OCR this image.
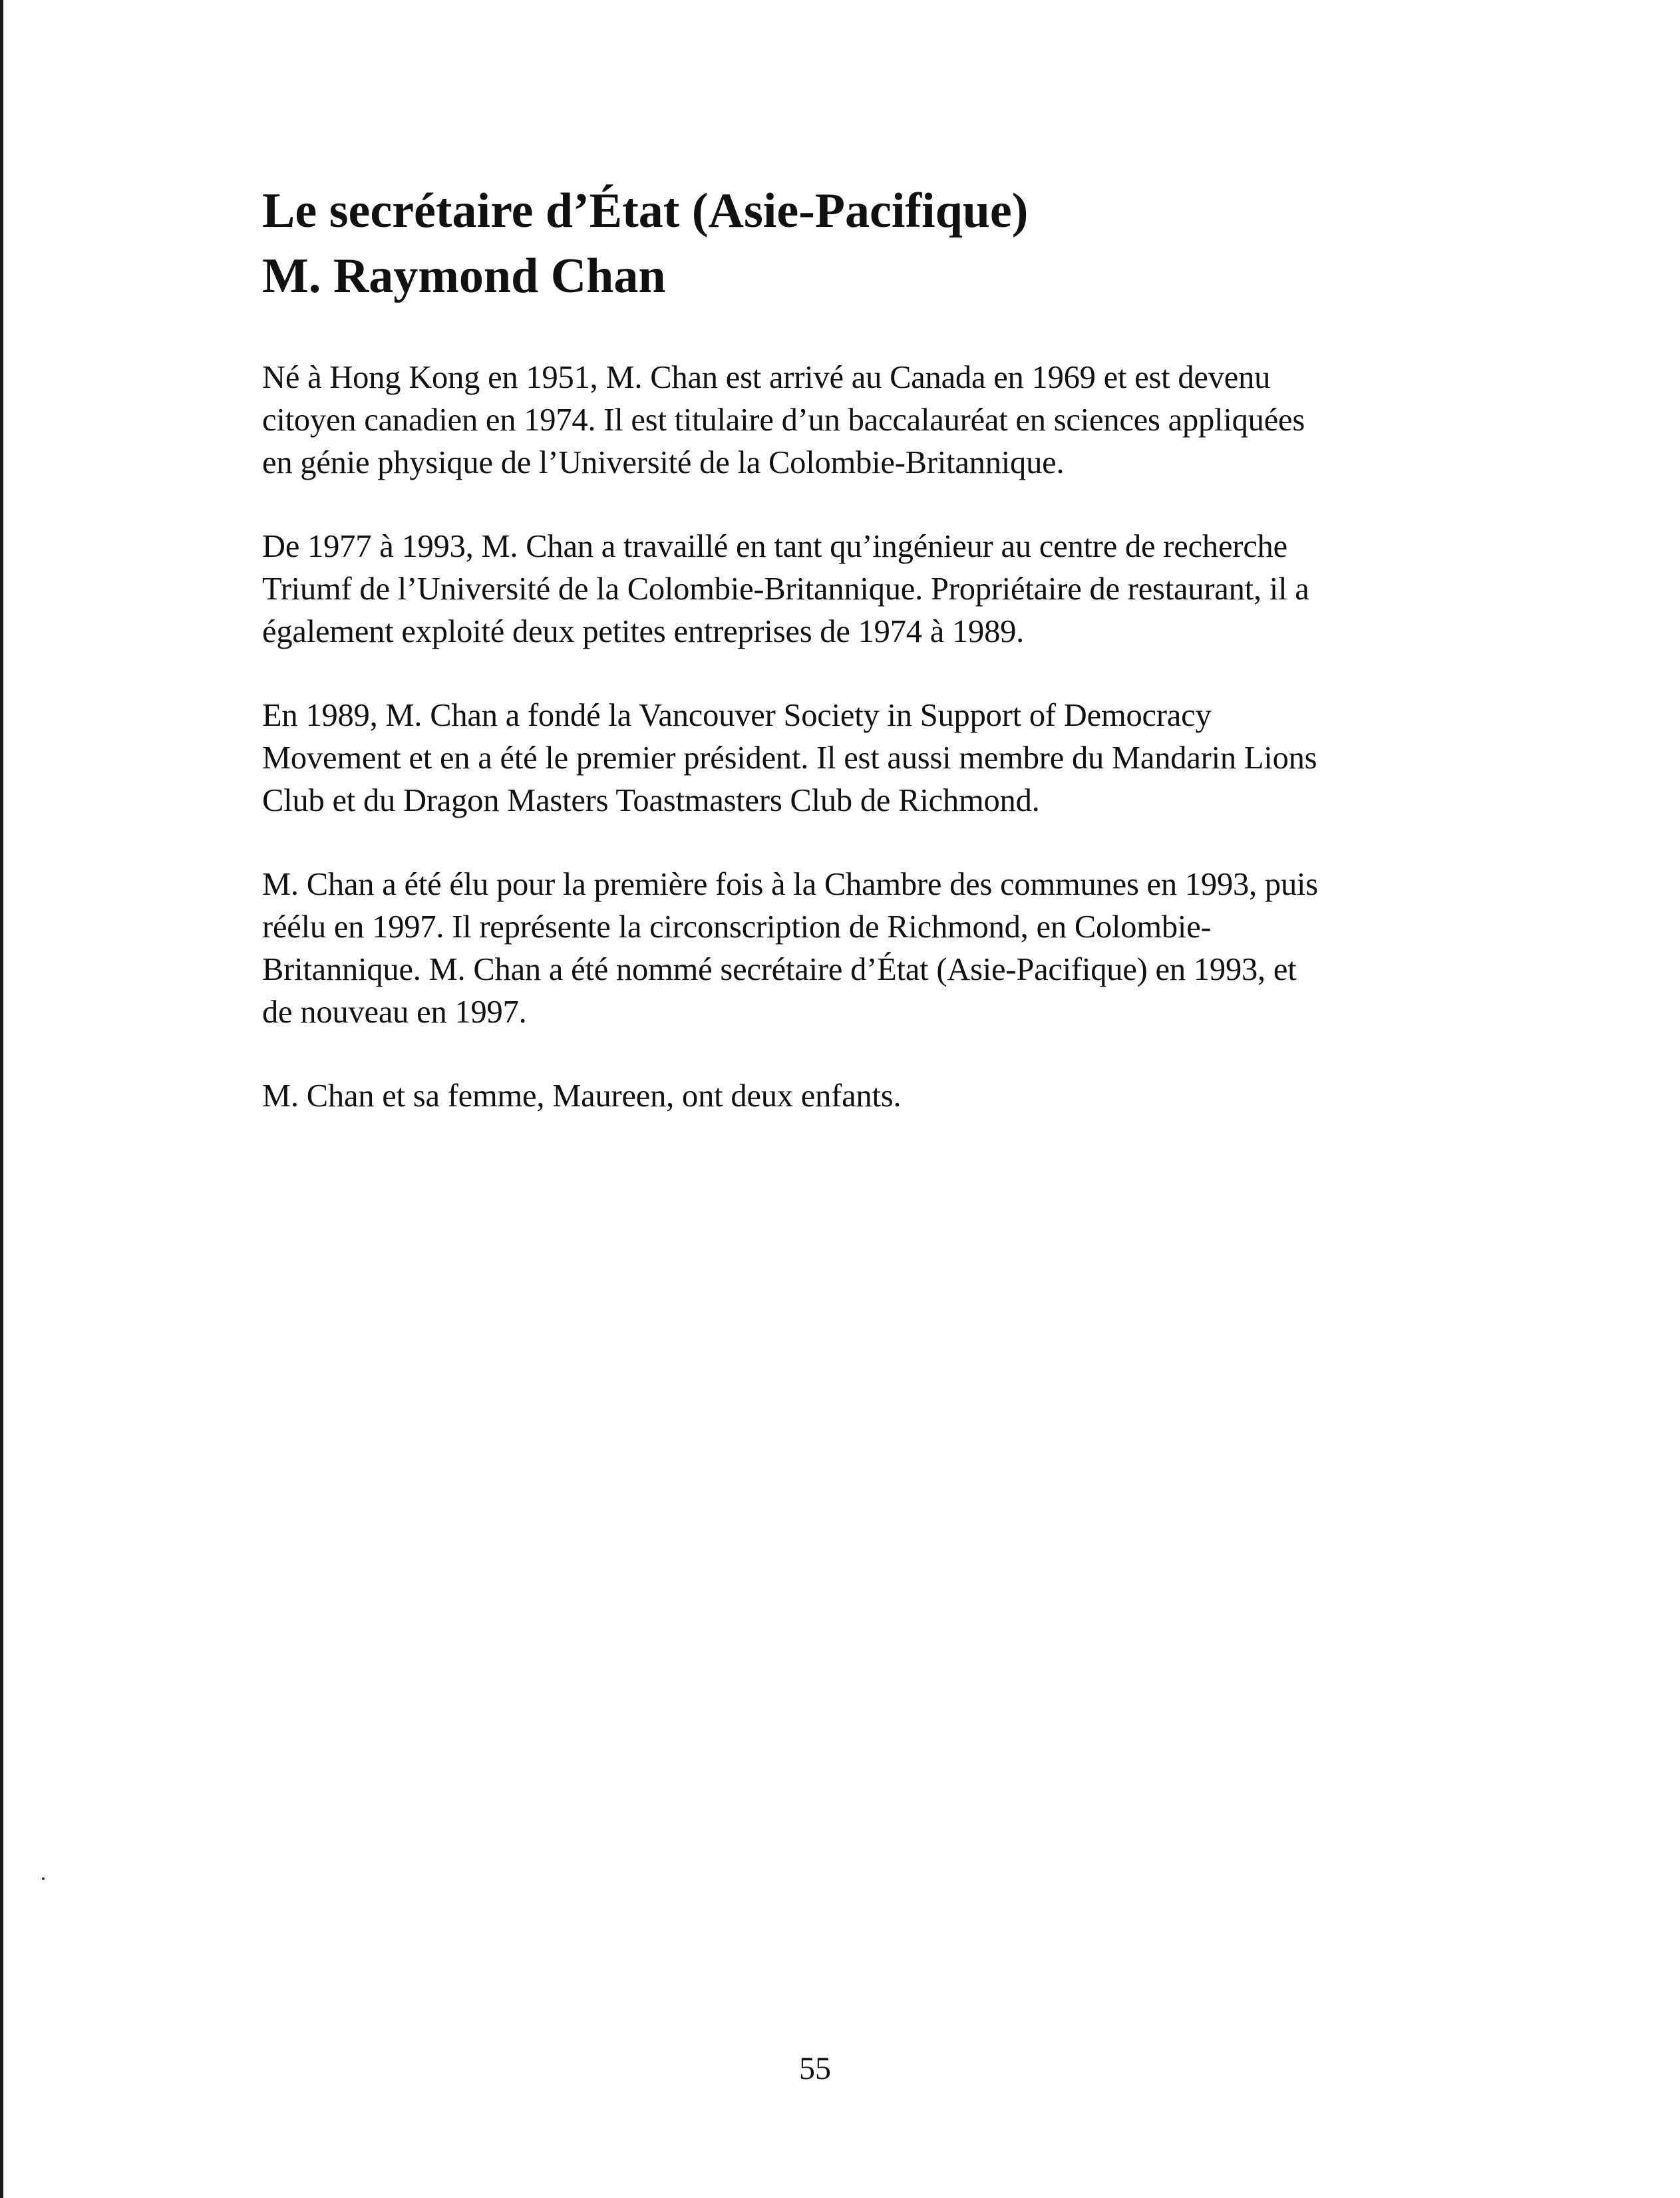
Le secrétaire d’État (Asie-Pacifique)
M. Raymond Chan

Né à Hong Kong en 1951, M. Chan est arrivé au Canada en 1969 et est devenu
citoyen canadien en 1974. Il est titulaire d’un baccalauréat en sciences appliquées
en génie physique de l’Université de la Colombie-Britannique.

De 1977 à 1993, M. Chan a travaillé en tant qu’ingénieur au centre de recherche
Triumf de l’Université de la Colombie-Britannique. Propriétaire de restaurant, il a
également exploité deux petites entreprises de 1974 à 1989.

En 1989, M. Chan a fondé la Vancouver Society in Support of Democracy
Movement et en a été le premier président. Il est aussi membre du Mandarin Lions
Club et du Dragon Masters Toastmasters Club de Richmond.

M. Chan a été élu pour la première fois à la Chambre des communes en 1993, puis
réélu en 1997. Il représente la circonscription de Richmond, en Colombie-
Britannique. M. Chan a été nommé secrétaire d’État (Asie-Pacifique) en 1993, et
de nouveau en 1997.

M. Chan et sa femme, Maureen, ont deux enfants.

55
